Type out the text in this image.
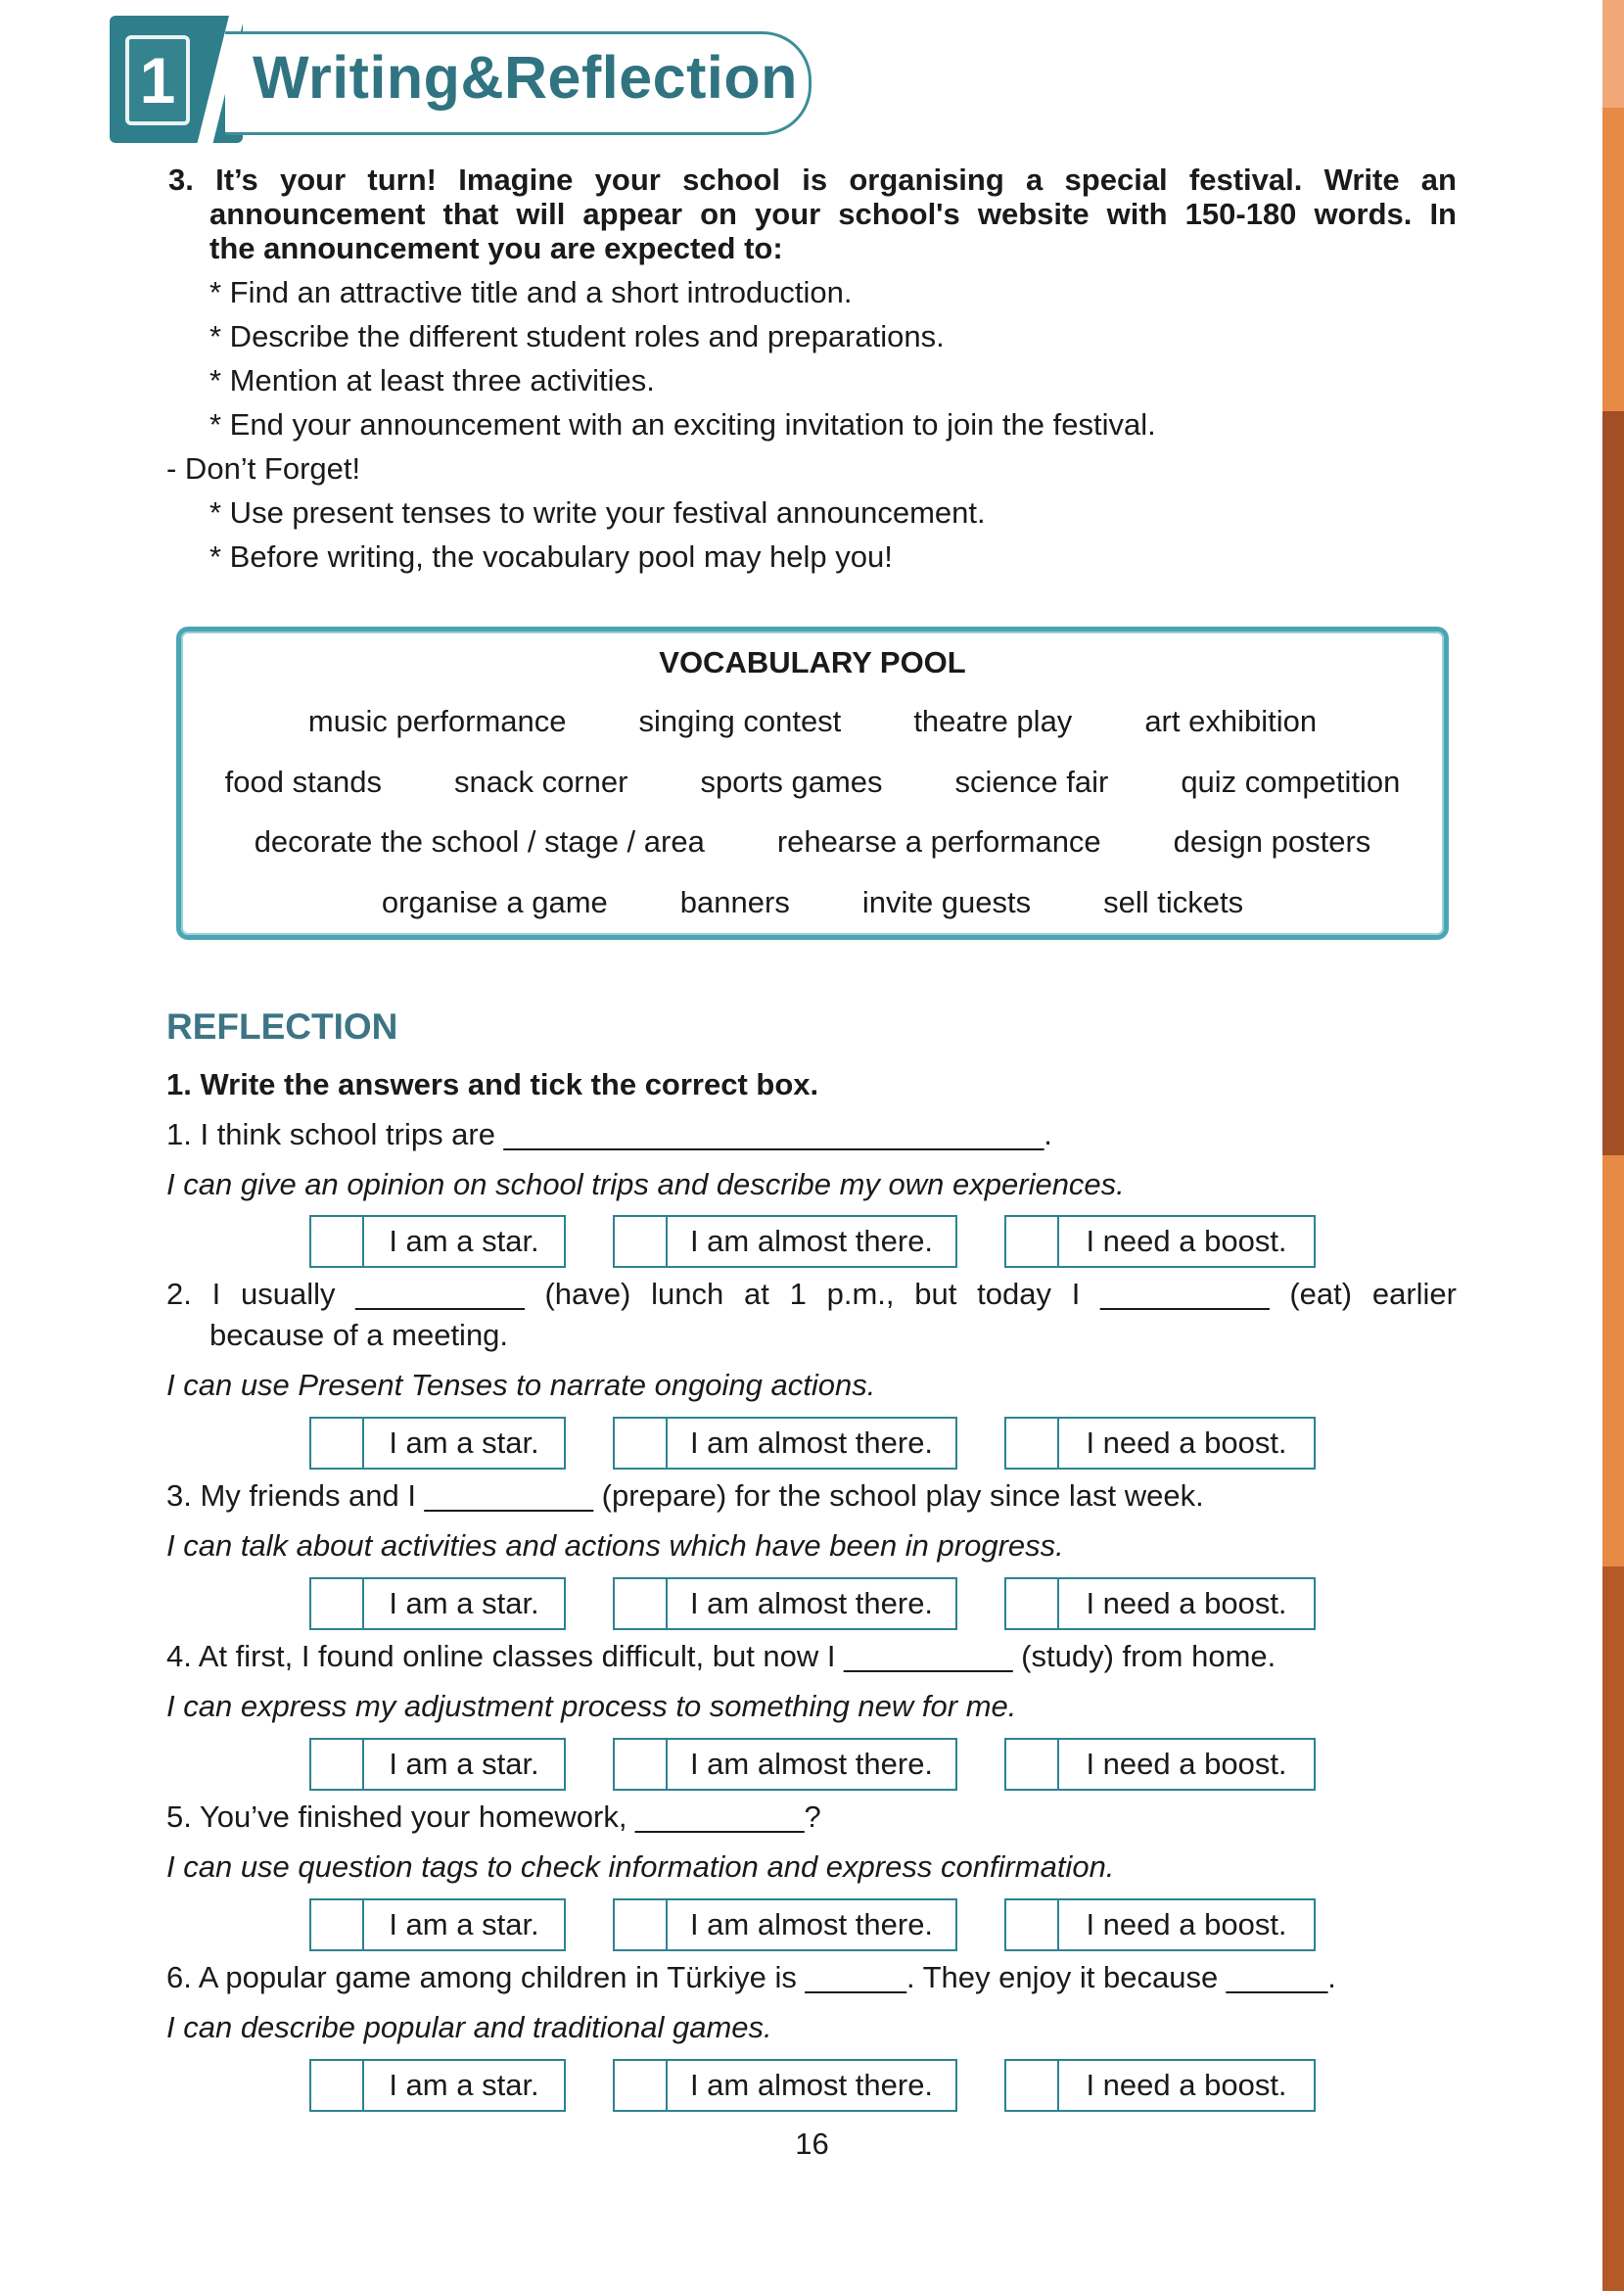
1 Writing&Reflection
3. It’s your turn! Imagine your school is organising a special festival. Write an
announcement that will appear on your school's website with 150-180 words. In
the announcement you are expected to:
* Find an attractive title and a short introduction.
* Describe the different student roles and preparations.
* Mention at least three activities.
* End your announcement with an exciting invitation to join the festival.
- Don’t Forget!
* Use present tenses to write your festival announcement.
* Before writing, the vocabulary pool may help you!
VOCABULARY POOL
music performance singing contest theatre play art exhibition
food stands snack corner sports games science fair quiz competition
decorate the school / stage / area rehearse a performance design posters
organise a game banners invite guests sell tickets
REFLECTION
1. Write the answers and tick the correct box.
1. I think school trips are ________________________________.
I can give an opinion on school trips and describe my own experiences.
I am a star.	I am almost there.	I need a boost.
2. I usually __________ (have) lunch at 1 p.m., but today I __________ (eat) earlier
because of a meeting.
I can use Present Tenses to narrate ongoing actions.
I am a star.	I am almost there.	I need a boost.
3. My friends and I __________ (prepare) for the school play since last week.
I can talk about activities and actions which have been in progress.
I am a star.	I am almost there.	I need a boost.
4. At first, I found online classes difficult, but now I __________ (study) from home.
I can express my adjustment process to something new for me.
I am a star.	I am almost there.	I need a boost.
5. You’ve finished your homework, __________?
I can use question tags to check information and express confirmation.
I am a star.	I am almost there.	I need a boost.
6. A popular game among children in Türkiye is ______. They enjoy it because ______.
I can describe popular and traditional games.
I am a star.	I am almost there.	I need a boost.
16
